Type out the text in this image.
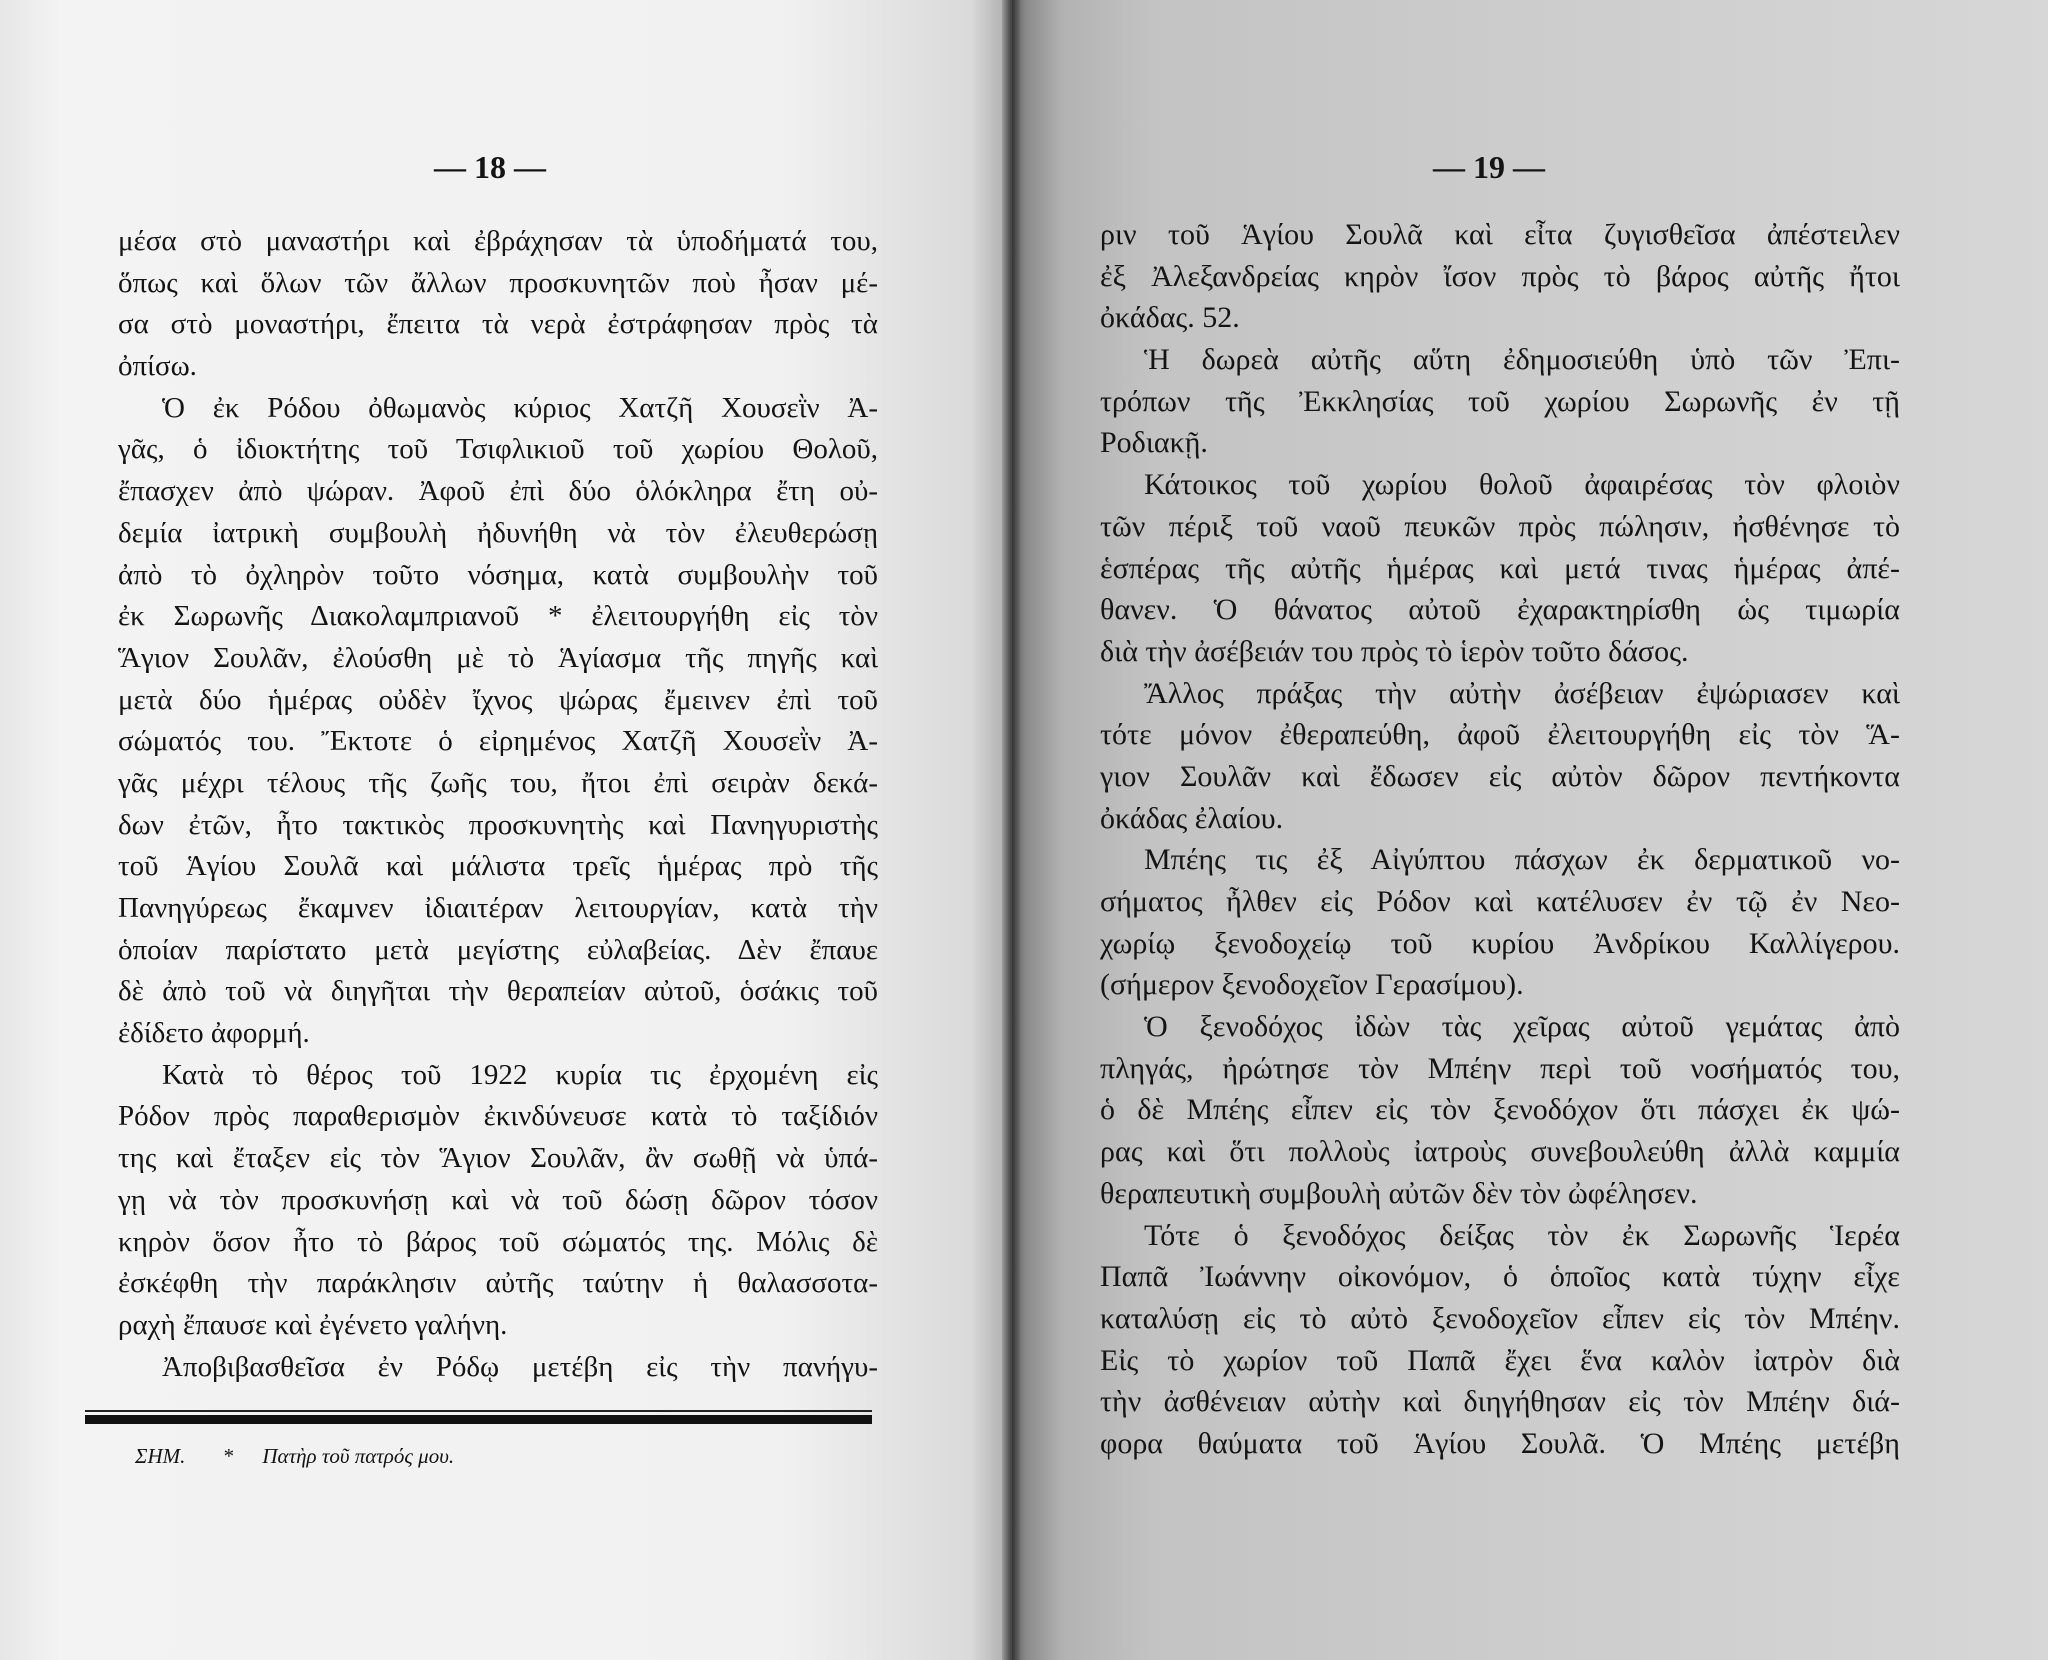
— 18 —
μέσα στὸ μαναστήρι καὶ ἐβράχησαν τὰ ὑποδήματά του,
ὅπως καὶ ὅλων τῶν ἄλλων προσκυνητῶν ποὺ ἦσαν μέ-
σα στὸ μοναστήρι, ἔπειτα τὰ νερὰ ἐστράφησαν πρὸς τὰ
ὀπίσω.
Ὁ ἐκ Ρόδου ὀθωμανὸς κύριος Χατζῆ Χουσεῒν Ἀ-
γᾶς, ὁ ἰδιοκτήτης τοῦ Τσιφλικιοῦ τοῦ χωρίου Θολοῦ,
ἔπασχεν ἀπὸ ψώραν. Ἀφοῦ ἐπὶ δύο ὁλόκληρα ἔτη οὐ-
δεμία ἰατρικὴ συμβουλὴ ἠδυνήθη νὰ τὸν ἐλευθερώσῃ
ἀπὸ τὸ ὀχληρὸν τοῦτο νόσημα, κατὰ συμβουλὴν τοῦ
ἐκ Σωρωνῆς Διακολαμπριανοῦ * ἐλειτουργήθη εἰς τὸν
Ἅγιον Σουλᾶν, ἐλούσθη μὲ τὸ Ἁγίασμα τῆς πηγῆς καὶ
μετὰ δύο ἡμέρας οὐδὲν ἴχνος ψώρας ἔμεινεν ἐπὶ τοῦ
σώματός του. Ἔκτοτε ὁ εἰρημένος Χατζῆ Χουσεῒν Ἀ-
γᾶς μέχρι τέλους τῆς ζωῆς του, ἤτοι ἐπὶ σειρὰν δεκά-
δων ἐτῶν, ἦτο τακτικὸς προσκυνητὴς καὶ Πανηγυριστὴς
τοῦ Ἁγίου Σουλᾶ καὶ μάλιστα τρεῖς ἡμέρας πρὸ τῆς
Πανηγύρεως ἔκαμνεν ἰδιαιτέραν λειτουργίαν, κατὰ τὴν
ὁποίαν παρίστατο μετὰ μεγίστης εὐλαβείας. Δὲν ἔπαυε
δὲ ἀπὸ τοῦ νὰ διηγῆται τὴν θεραπείαν αὐτοῦ, ὁσάκις τοῦ
ἐδίδετο ἀφορμή.
Κατὰ τὸ θέρος τοῦ 1922 κυρία τις ἐρχομένη εἰς
Ρόδον πρὸς παραθερισμὸν ἐκινδύνευσε κατὰ τὸ ταξίδιόν
της καὶ ἔταξεν εἰς τὸν Ἅγιον Σουλᾶν, ἂν σωθῇ νὰ ὑπά-
γῃ νὰ τὸν προσκυνήσῃ καὶ νὰ τοῦ δώσῃ δῶρον τόσον
κηρὸν ὅσον ἦτο τὸ βάρος τοῦ σώματός της. Μόλις δὲ
ἐσκέφθη τὴν παράκλησιν αὐτῆς ταύτην ἡ θαλασσοτα-
ραχὴ ἔπαυσε καὶ ἐγένετο γαλήνη.
Ἀποβιβασθεῖσα ἐν Ρόδῳ μετέβη εἰς τὴν πανήγυ-
ΣΗΜ. * Πατὴρ τοῦ πατρός μου.
— 19 —
ριν τοῦ Ἁγίου Σουλᾶ καὶ εἶτα ζυγισθεῖσα ἀπέστειλεν
ἐξ Ἀλεξανδρείας κηρὸν ἴσον πρὸς τὸ βάρος αὐτῆς ἤτοι
ὀκάδας. 52.
Ἡ δωρεὰ αὐτῆς αὕτη ἐδημοσιεύθη ὑπὸ τῶν Ἐπι-
τρόπων τῆς Ἐκκλησίας τοῦ χωρίου Σωρωνῆς ἐν τῇ
Ροδιακῇ.
Κάτοικος τοῦ χωρίου θολοῦ ἀφαιρέσας τὸν φλοιὸν
τῶν πέριξ τοῦ ναοῦ πευκῶν πρὸς πώλησιν, ἠσθένησε τὸ
ἑσπέρας τῆς αὐτῆς ἡμέρας καὶ μετά τινας ἡμέρας ἀπέ-
θανεν. Ὁ θάνατος αὐτοῦ ἐχαρακτηρίσθη ὡς τιμωρία
διὰ τὴν ἀσέβειάν του πρὸς τὸ ἱερὸν τοῦτο δάσος.
Ἄλλος πράξας τὴν αὐτὴν ἀσέβειαν ἐψώριασεν καὶ
τότε μόνον ἐθεραπεύθη, ἀφοῦ ἐλειτουργήθη εἰς τὸν Ἅ-
γιον Σουλᾶν καὶ ἔδωσεν εἰς αὐτὸν δῶρον πεντήκοντα
ὀκάδας ἐλαίου.
Μπέης τις ἐξ Αἰγύπτου πάσχων ἐκ δερματικοῦ νο-
σήματος ἦλθεν εἰς Ρόδον καὶ κατέλυσεν ἐν τῷ ἐν Νεο-
χωρίῳ ξενοδοχείῳ τοῦ κυρίου Ἀνδρίκου Καλλίγερου.
(σήμερον ξενοδοχεῖον Γερασίμου).
Ὁ ξενοδόχος ἰδὼν τὰς χεῖρας αὐτοῦ γεμάτας ἀπὸ
πληγάς, ἠρώτησε τὸν Μπέην περὶ τοῦ νοσήματός του,
ὁ δὲ Μπέης εἶπεν εἰς τὸν ξενοδόχον ὅτι πάσχει ἐκ ψώ-
ρας καὶ ὅτι πολλοὺς ἰατροὺς συνεβουλεύθη ἀλλὰ καμμία
θεραπευτικὴ συμβουλὴ αὐτῶν δὲν τὸν ὠφέλησεν.
Τότε ὁ ξενοδόχος δείξας τὸν ἐκ Σωρωνῆς Ἱερέα
Παπᾶ Ἰωάννην οἰκονόμον, ὁ ὁποῖος κατὰ τύχην εἶχε
καταλύσῃ εἰς τὸ αὐτὸ ξενοδοχεῖον εἶπεν εἰς τὸν Μπέην.
Εἰς τὸ χωρίον τοῦ Παπᾶ ἔχει ἕνα καλὸν ἰατρὸν διὰ
τὴν ἀσθένειαν αὐτὴν καὶ διηγήθησαν εἰς τὸν Μπέην διά-
φορα θαύματα τοῦ Ἁγίου Σουλᾶ. Ὁ Μπέης μετέβη
